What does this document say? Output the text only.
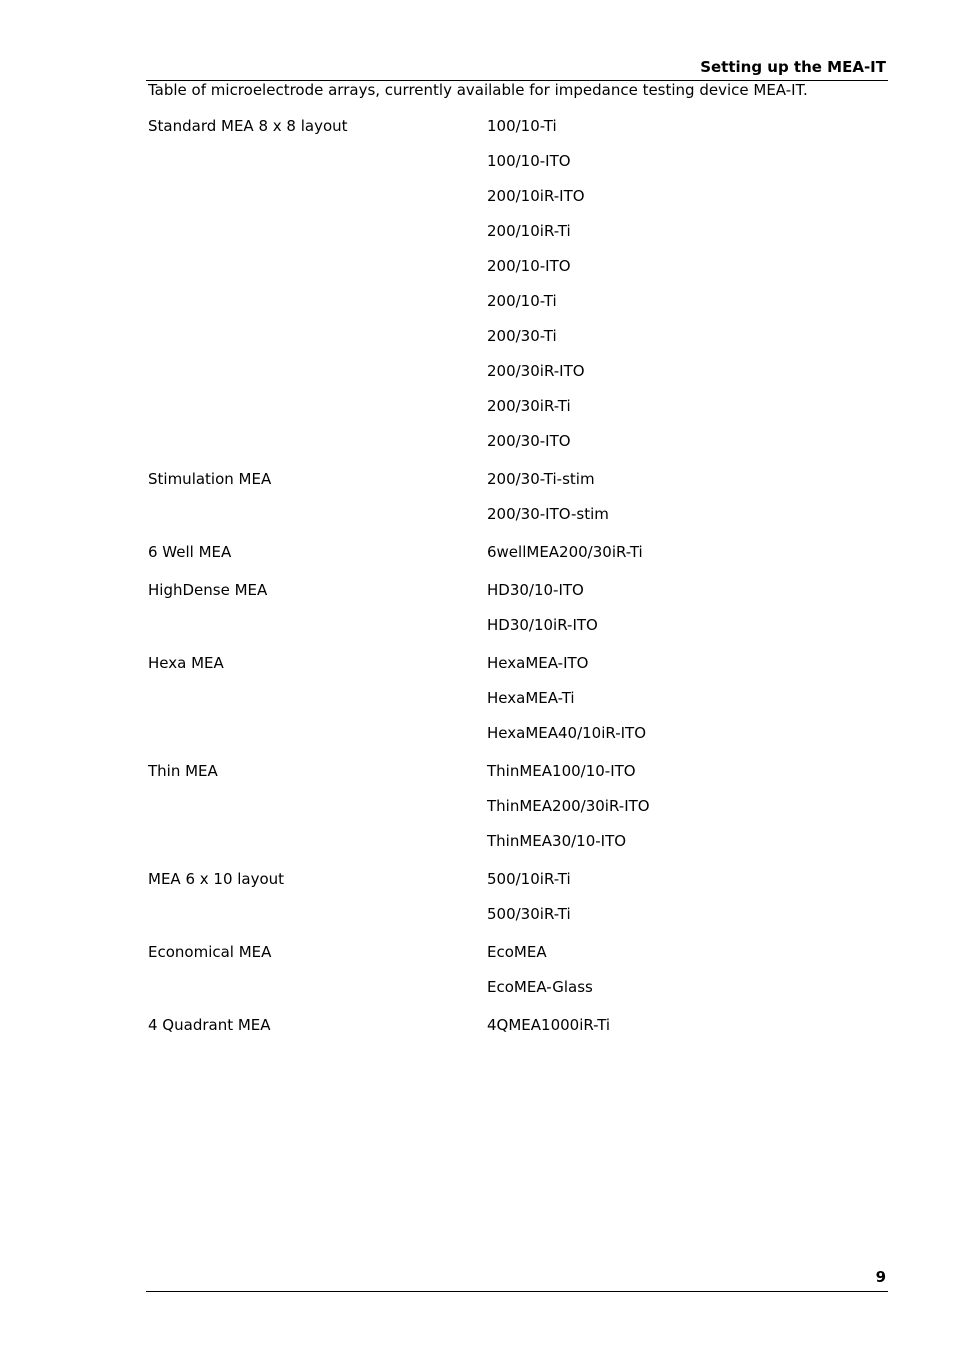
Setting up the MEA-IT
Table of microelectrode arrays, currently available for impedance testing device MEA-IT.
Standard MEA 8 x 8 layout	100/10-Ti
100/10-ITO
200/10iR-ITO
200/10iR-Ti
200/10-ITO
200/10-Ti
200/30-Ti
200/30iR-ITO
200/30iR-Ti
200/30-ITO
Stimulation MEA	200/30-Ti-stim
200/30-ITO-stim
6 Well MEA	6wellMEA200/30iR-Ti
HighDense MEA	HD30/10-ITO
HD30/10iR-ITO
Hexa MEA	HexaMEA-ITO
HexaMEA-Ti
HexaMEA40/10iR-ITO
Thin MEA	ThinMEA100/10-ITO
ThinMEA200/30iR-ITO
ThinMEA30/10-ITO
MEA 6 x 10 layout	500/10iR-Ti
500/30iR-Ti
Economical MEA	EcoMEA
EcoMEA-Glass
4 Quadrant MEA	4QMEA1000iR-Ti
9
